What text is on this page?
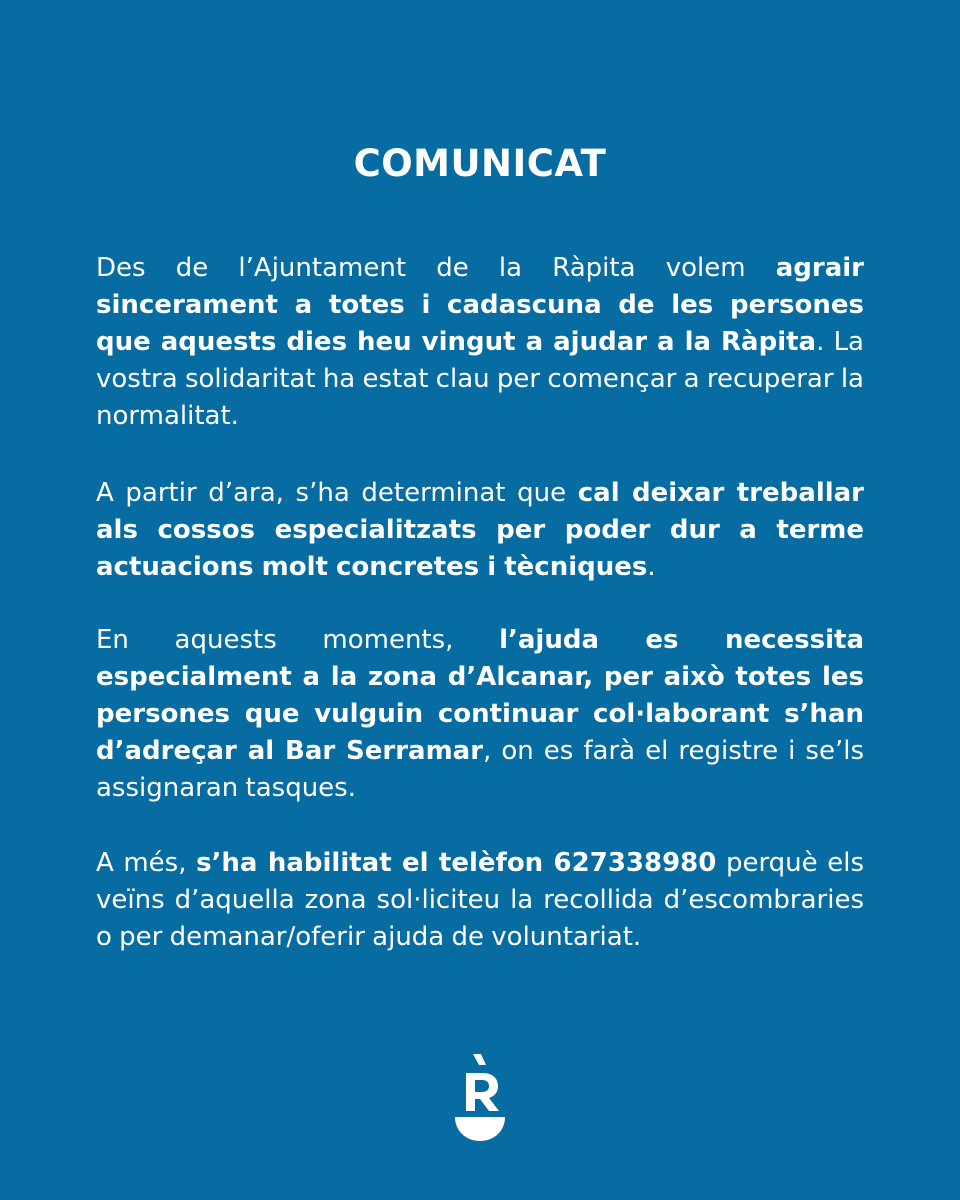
COMUNICAT

Des de l’Ajuntament de la Ràpita volem agrair sincerament a totes i cadascuna de les persones que aquests dies heu vingut a ajudar a la Ràpita. La vostra solidaritat ha estat clau per començar a recuperar la normalitat.

A partir d’ara, s’ha determinat que cal deixar treballar als cossos especialitzats per poder dur a terme actuacions molt concretes i tècniques.

En aquests moments, l’ajuda es necessita especialment a la zona d’Alcanar, per això totes les persones que vulguin continuar col·laborant s’han d’adreçar al Bar Serramar, on es farà el registre i se’ls assignaran tasques.

A més, s’ha habilitat el telèfon 627338980 perquè els veïns d’aquella zona sol·liciteu la recollida d’escombraries o per demanar/oferir ajuda de voluntariat.
